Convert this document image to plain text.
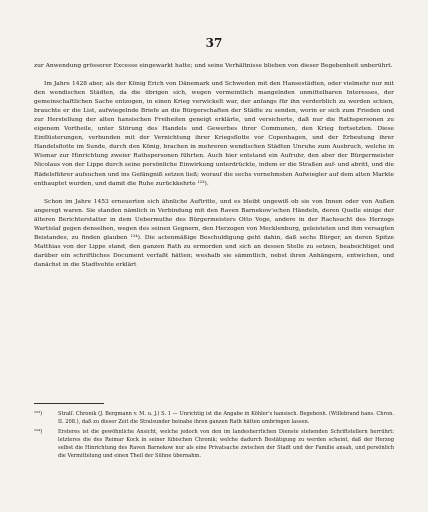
37

zur Anwendung grösserer Excesse eingewarkt hatte; und seine Verhältnisse blieben von dieser Begebenheit unberührt.

Im Jahre 1428 aber, als der König Erich von Dänemark und Schweden mit den Hansestädten, oder vielmehr nur mit den wendischen Städten, da die übrigen sich, wegen vermeintlich mangelnden unmittelbaren Interesses, der gemeinschaftlichen Sache entzogen, in einen Krieg verwickelt war, der anfangs für ihn verderblich zu werden schien, brauchte er die List, aufwiegelnde Briefe an die Bürgerschaften der Städte zu senden, worin er sich zum Frieden und zur Herstellung der alten hansischen Freiheiten geneigt erklärte, und versicherte, daß nur die Rathspersonen zu eigenem Vortheile, unter Störung des Handels und Gewerbes ihrer Communen, den Krieg fortsetzten. Diese Einflüsterungen, verbunden mit der Vernichtung ihrer Kriegsflotte vor Copenhagen, und der Erbeutung ihrer Handelsflotte im Sunde, durch den König, brachen in mehreren wendischen Städten Unruhe zum Ausbruch, welche in Wismar zur Hinrichtung zweier Rathspersonen führten. Auch hier entstand ein Aufruhr, den aber der Bürgermeister Nicolaus von der Lippe durch seine persönliche Einwirkung unterdrückte, indem er die Straßen auf- und abritt, und die Rädelsführer aufsuchen und ins Gefängniß setzen ließ; worauf die sechs vornehmsten Aufwiegler auf dem alten Markte enthauptet wurden, und damit die Ruhe zurückkehrte ¹²³).

Schon im Jahre 1453 erneuerten sich ähnliche Auftritte, und es bleibt ungewiß ob sie von Innen oder von Außen angeregt waren. Sie standen nämlich in Verbindung mit den Raven Barnekow'schen Händeln, deren Quelle einige der älteren Berichterstatter in dem Uebermuthe des Bürgermeisters Otto Voge, andere in der Rachsucht des Herzogs Wartislaf gegen denselben, wegen des seinen Gegnern, den Herzogen von Mecklenburg, geleisteten und ihm versagten Beistandes, zu finden glauben ¹²⁴). Die actenmäßige Beschuldigung geht dahin, daß sechs Bürger, an deren Spitze Matthias von der Lippe stand, den ganzen Rath zu ermorden und sich an dessen Stelle zu setzen, beabsichtiget und darüber ein schriftliches Document verfaßt hätten; weshalb sie sämmtlich, nebst ihren Anhängern, entwichen, und danächst in die Stadtvehte erklärt

¹²³)	Stralſ. Chronik (J. Bergmann v. M. u. J.) S. 1 — Unrichtig ist die Angabe in Köhler's hansisch. Begebenh. (Willebrand hans. Chron. II. 208.), daß zu dieser Zeit die Stralsunder beinahe ihren ganzen Rath hätten umbringen lassen.

¹²⁴)	Ersteres ist die gewöhnliche Ansicht, welche jedoch von den im landesherrlichen Dienste stehenden Schriftstellern herrührt: letzteres die des Reimar Kock in seiner lübischen Chronik; welche dadurch Bestätigung zu werden scheint, daß der Herzog selbst die Hinrichtung des Raven Barnekow nur als eine Privatsache zwischen der Stadt und der Familie ansah, und persönlich die Vermittelung und einen Theil der Sühne übernahm.
